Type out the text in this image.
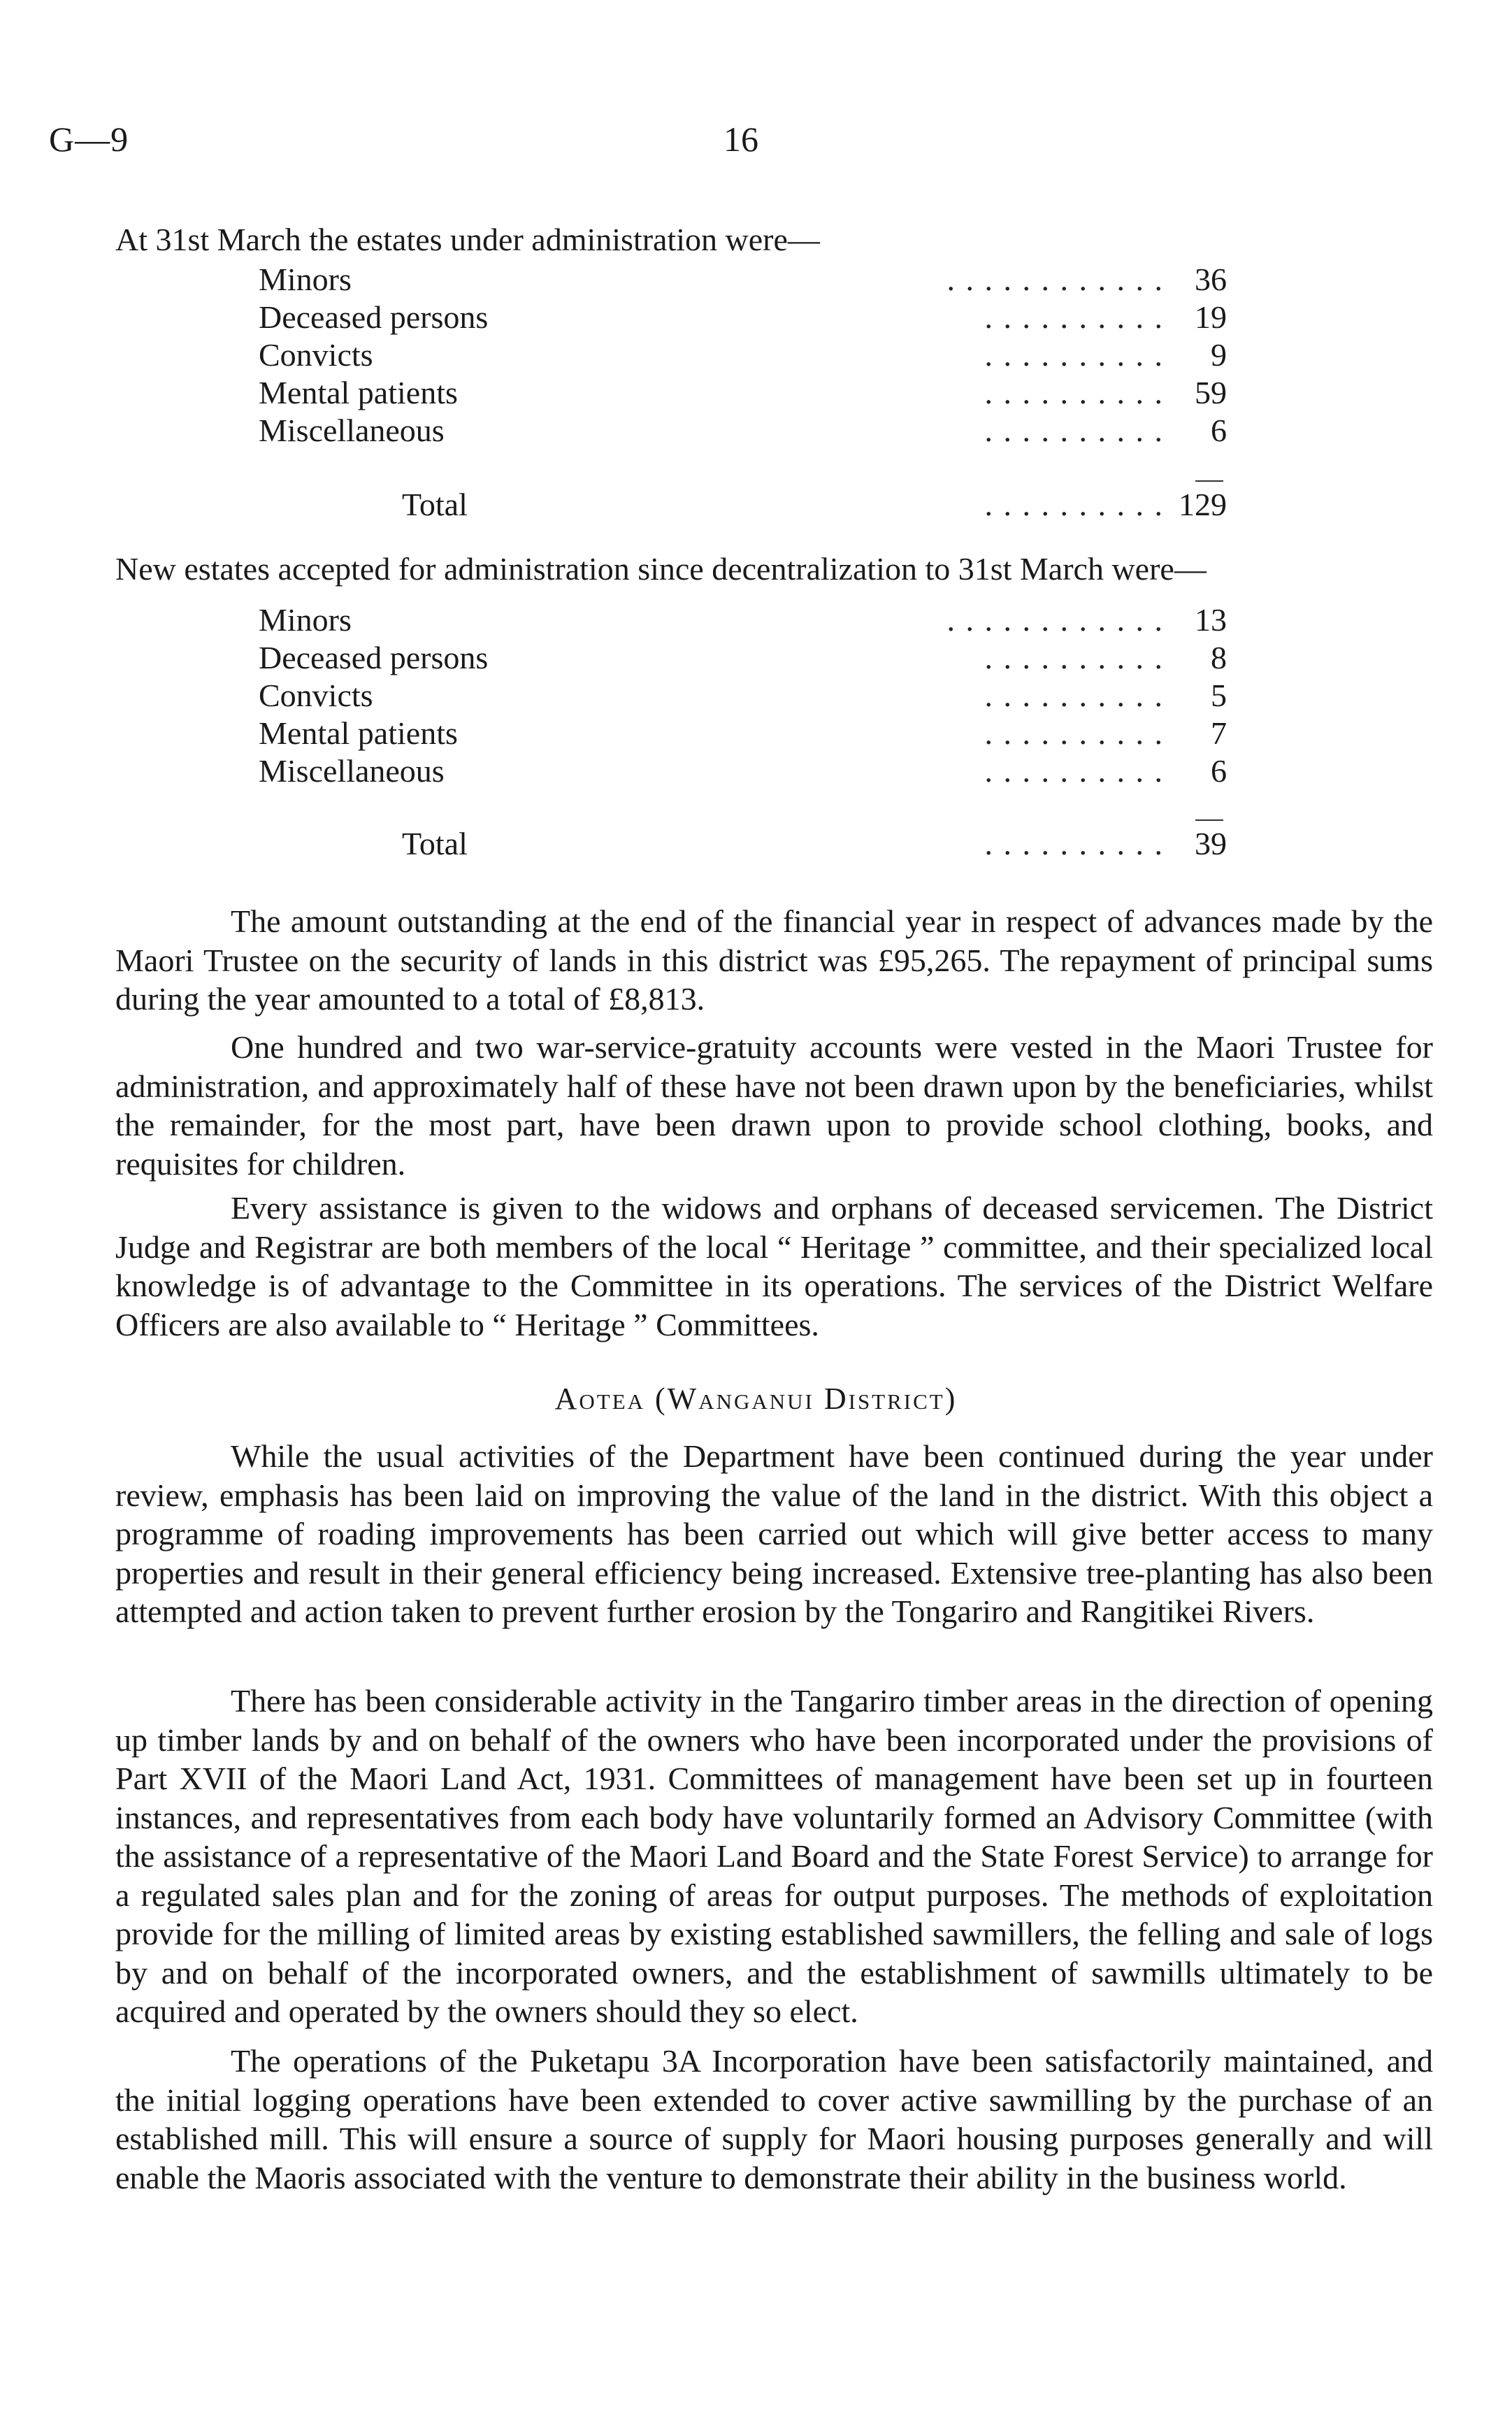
G—9	16
At 31st March the estates under administration were—
. . . . . . . . . . . .
Minors	36
. . . . . . . . . .
Deceased persons	19
. . . . . . . . . .
Convicts	9
. . . . . . . . . .
Mental patients	59
. . . . . . . . . .
Miscellaneous	6
. . . . . . . . . .
Total	129
New estates accepted for administration since decentralization to 31st March were—
. . . . . . . . . . . .
Minors	13
. . . . . . . . . .
Deceased persons	8
. . . . . . . . . .
Convicts	5
. . . . . . . . . .
Mental patients	7
. . . . . . . . . .
Miscellaneous	6
. . . . . . . . . .
Total	39

The amount outstanding at the end of the financial year in respect of advances made by the Maori Trustee on the security of lands in this district was £95,265. The repayment of principal sums during the year amounted to a total of £8,813.

One hundred and two war-service-gratuity accounts were vested in the Maori Trustee for administration, and approximately half of these have not been drawn upon by the beneficiaries, whilst the remainder, for the most part, have been drawn upon to provide school clothing, books, and requisites for children.

Every assistance is given to the widows and orphans of deceased servicemen. The District Judge and Registrar are both members of the local “ Heritage ” committee, and their specialized local knowledge is of advantage to the Committee in its operations. The services of the District Welfare Officers are also available to “ Heritage ” Committees.

Aotea (Wanganui District)

While the usual activities of the Department have been continued during the year under review, emphasis has been laid on improving the value of the land in the district. With this object a programme of roading improvements has been carried out which will give better access to many properties and result in their general efficiency being increased. Extensive tree-planting has also been attempted and action taken to prevent further erosion by the Tongariro and Rangitikei Rivers.

There has been considerable activity in the Tangariro timber areas in the direction of opening up timber lands by and on behalf of the owners who have been incorporated under the provisions of Part XVII of the Maori Land Act, 1931. Committees of management have been set up in fourteen instances, and representatives from each body have voluntarily formed an Advisory Committee (with the assistance of a representative of the Maori Land Board and the State Forest Service) to arrange for a regulated sales plan and for the zoning of areas for output purposes. The methods of exploitation provide for the milling of limited areas by existing established sawmillers, the felling and sale of logs by and on behalf of the incorporated owners, and the establishment of sawmills ultimately to be acquired and operated by the owners should they so elect.

The operations of the Puketapu 3A Incorporation have been satisfactorily maintained, and the initial logging operations have been extended to cover active sawmilling by the purchase of an established mill. This will ensure a source of supply for Maori housing purposes generally and will enable the Maoris associated with the venture to demonstrate their ability in the business world.
